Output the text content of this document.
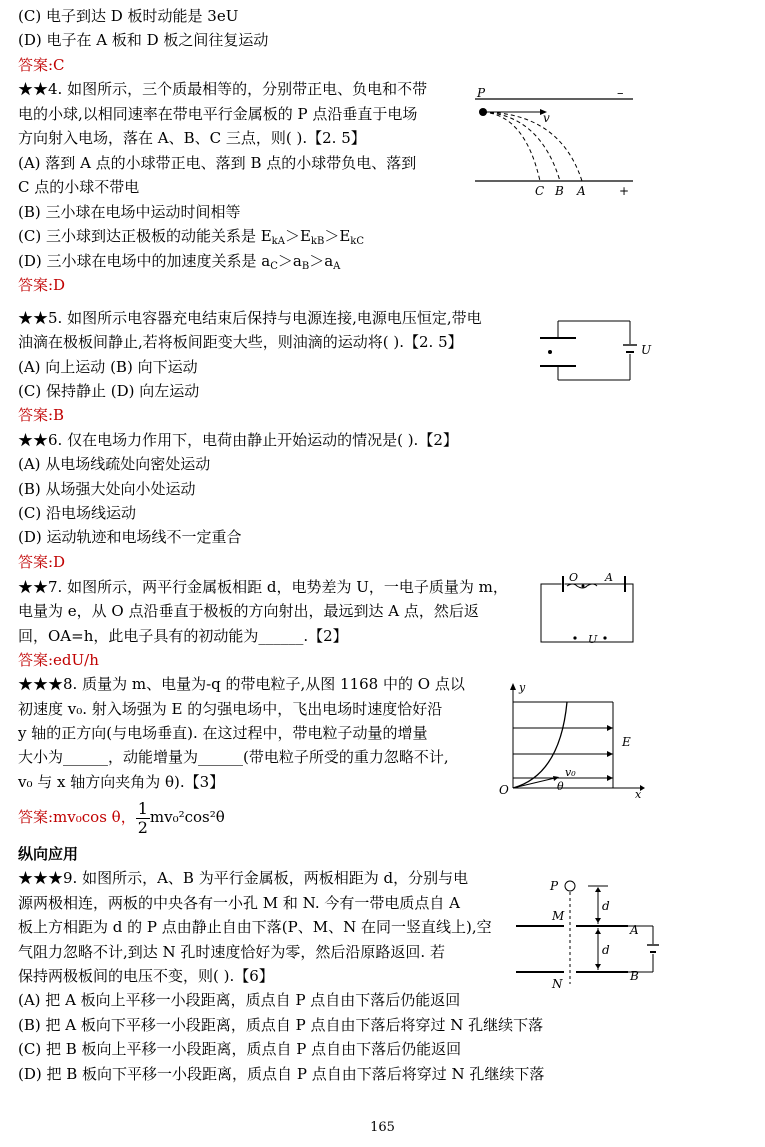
(C) 电子到达 D 板时动能是 3eU
(D) 电子在 A 板和 D 板之间往复运动
答案:C
★★4. 如图所示，三个质最相等的，分别带正电、负电和不带
电的小球,以相同速率在带电平行金属板的 P 点沿垂直于电场
方向射入电场，落在 A、B、C 三点，则( ).【2. 5】
(A) 落到 A 点的小球带正电、落到 B 点的小球带负电、落到
C 点的小球不带电
(B) 三小球在电场中运动时间相等
(C) 三小球到达正极板的动能关系是 $E_{kA}>E_{kB}>E_{kC}$
(D) 三小球在电场中的加速度关系是 $a_C>a_B>a_A$
答案:D
P	–
v
C B A	+
★★5. 如图所示电容器充电结束后保持与电源连接,电源电压恒定,带电
油滴在极板间静止,若将板间距变大些，则油滴的运动将( ).【2. 5】
(A) 向上运动 (B) 向下运动
(C) 保持静止 (D) 向左运动
答案:B
U
★★6. 仅在电场力作用下，电荷由静止开始运动的情况是( ).【2】
(A) 从电场线疏处向密处运动
(B) 从场强大处向小处运动
(C) 沿电场线运动
(D) 运动轨迹和电场线不一定重合
答案:D
★★7. 如图所示，两平行金属板相距 d，电势差为 U，一电子质量为 m，
电量为 e，从 O 点沿垂直于极板的方向射出，最远到达 A 点，然后返
回，OA=h，此电子具有的初动能为______.【2】
答案:edU/h
O A
U
★★★8. 质量为 m、电量为-q 的带电粒子,从图 1168 中的 O 点以
初速度 v₀. 射入场强为 E 的匀强电场中，飞出电场时速度恰好沿
y 轴的正方向(与电场垂直). 在这过程中，带电粒子动量的增量
大小为______，动能增量为______(带电粒子所受的重力忽略不计,
v₀ 与 x 轴方向夹角为 θ).【3】
答案:mv₀cos θ， $\frac{1}{2} mv_0^2\cos^2\theta$
y
x
O
E
v₀
θ
纵向应用
★★★9. 如图所示，A、B 为平行金属板，两板相距为 d，分别与电
源两极相连，两板的中央各有一小孔 M 和 N. 今有一带电质点自 A
板上方相距为 d 的 P 点由静止自由下落(P、M、N 在同一竖直线上),空
气阻力忽略不计,到达 N 孔时速度恰好为零，然后沿原路返回. 若
保持两极板间的电压不变，则( ).【6】
(A) 把 A 板向上平移一小段距离，质点自 P 点自由下落后仍能返回
(B) 把 A 板向下平移一小段距离，质点自 P 点自由下落后将穿过 N 孔继续下落
(C) 把 B 板向上平移一小段距离，质点自 P 点自由下落后仍能返回
(D) 把 B 板向下平移一小段距离，质点自 P 点自由下落后将穿过 N 孔继续下落
P
M
N
A
B
d
d
165
